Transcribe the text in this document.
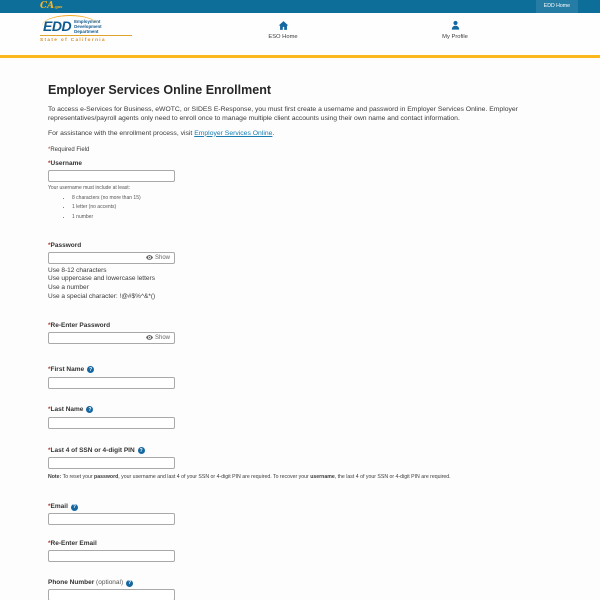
CA.gov	EDD Home
EDD Employment
Development
Department
State of California	ESO Home	My Profile
Employer Services Online Enrollment

To access e-Services for Business, eWOTC, or SIDES E-Response, you must first create a username and password in Employer Services Online. Employer representatives/payroll agents only need to enroll once to manage multiple client accounts using their own name and contact information.

For assistance with the enrollment process, visit Employer Services Online.

*Required Field
*Username
Your username must include at least:
• 8 characters (no more than 15)
• 1 letter (no accents)
• 1 number
*Password
Show
Use 8-12 characters
Use uppercase and lowercase letters
Use a number
Use a special character: !@#$%^&*()
*Re-Enter Password
Show
*First Name ?
*Last Name ?
*Last 4 of SSN or 4-digit PIN ?
Note: To reset your password, your username and last 4 of your SSN or 4-digit PIN are required. To recover your username, the last 4 of your SSN or 4-digit PIN are required.
*Email ?
*Re-Enter Email
Phone Number (optional) ?
